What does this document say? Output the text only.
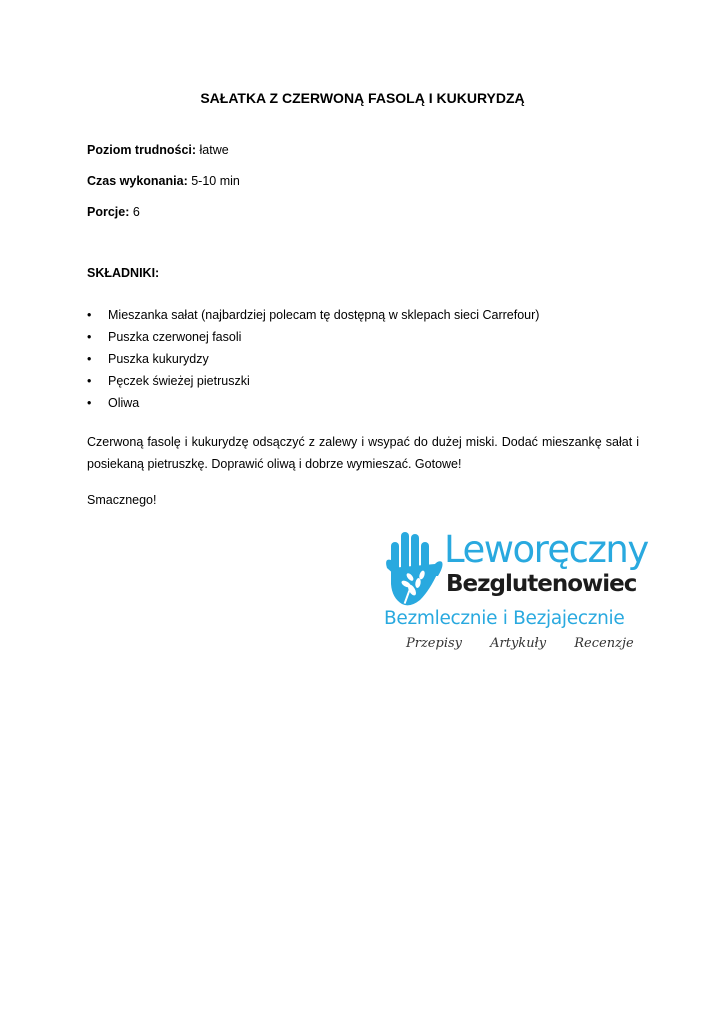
SAŁATKA Z CZERWONĄ FASOLĄ I KUKURYDZĄ

Poziom trudności: łatwe

Czas wykonania: 5-10 min

Porcje: 6

SKŁADNIKI:

• Mieszanka sałat (najbardziej polecam tę dostępną w sklepach sieci Carrefour)
• Puszka czerwonej fasoli
• Puszka kukurydzy
• Pęczek świeżej pietruszki
• Oliwa

Czerwoną fasolę i kukurydzę odsączyć z zalewy i wsypać do dużej miski. Dodać mieszankę sałat i posiekaną pietruszkę. Doprawić oliwą i dobrze wymieszać. Gotowe!

Smacznego!

Leworęczny
Bezglutenowiec
Bezmlecznie i Bezjajecznie
Przepisy Artykuły Recenzje
